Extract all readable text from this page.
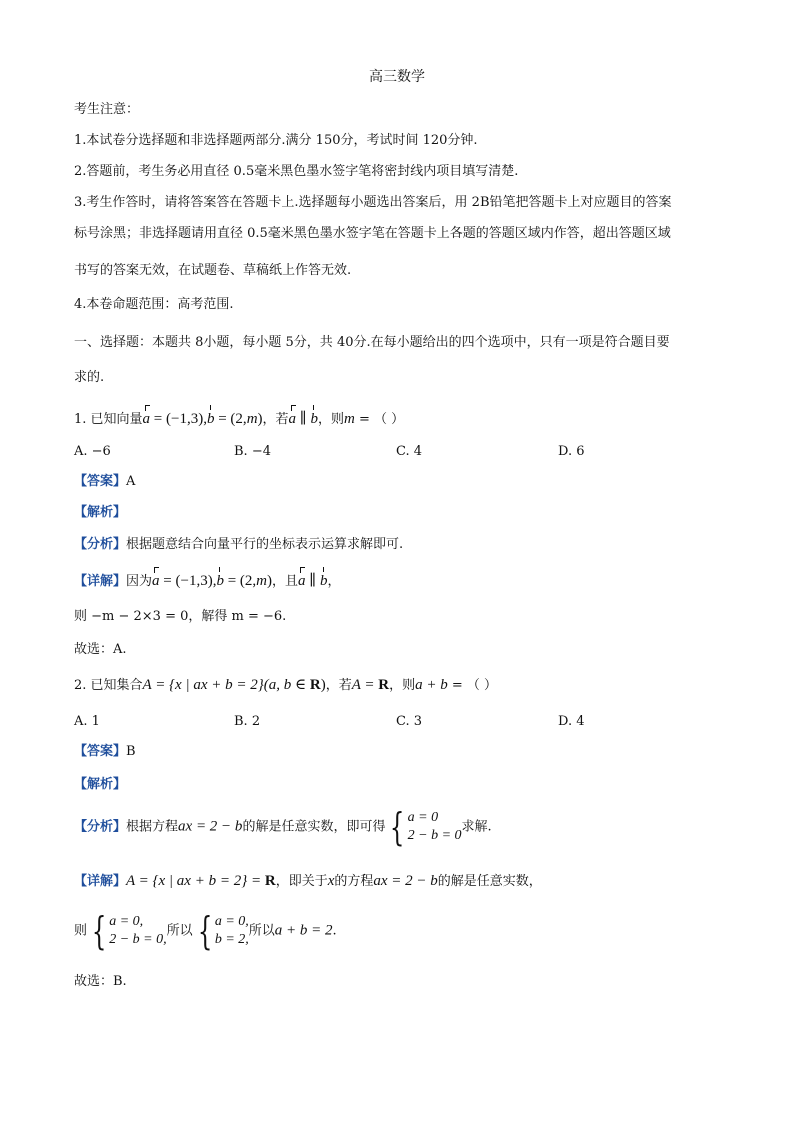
高三数学
考生注意：
1.本试卷分选择题和非选择题两部分.满分 150分，考试时间 120分钟.
2.答题前，考生务必用直径 0.5毫米黑色墨水签字笔将密封线内项目填写清楚.
3.考生作答时，请将答案答在答题卡上.选择题每小题选出答案后，用 2B铅笔把答题卡上对应题目的答案
标号涂黑；非选择题请用直径 0.5毫米黑色墨水签字笔在答题卡上各题的答题区域内作答，超出答题区域
书写的答案无效，在试题卷、草稿纸上作答无效.
4.本卷命题范围：高考范围.
一、选择题：本题共 8小题，每小题 5分，共 40分.在每小题给出的四个选项中，只有一项是符合题目要
求的.
1. 已知向量a = (−1,3),b = (2,m)，若a ∥ b，则m = （ ）
A. −6	B. −4	C. 4	D. 6
【答案】A
【解析】
【分析】根据题意结合向量平行的坐标表示运算求解即可.
【详解】因为a = (−1,3),b = (2,m)，且a ∥ b，
则 −m − 2×3 = 0，解得 m = −6.
故选：A.
2. 已知集合A = {x | ax + b = 2}(a, b ∈ R)，若A = R，则a + b = （ ）
A. 1	B. 2	C. 3	D. 4
【答案】B
【解析】
【分析】根据方程ax = 2 − b的解是任意实数，即可得 { a = 0
2 − b = 0
求解.
【详解】A = {x | ax + b = 2} = R，即关于x的方程ax = 2 − b的解是任意实数，
则 { a = 0,
2 − b = 0,
所以 { a = 0,
b = 2,
所以a + b = 2.
故选：B.
